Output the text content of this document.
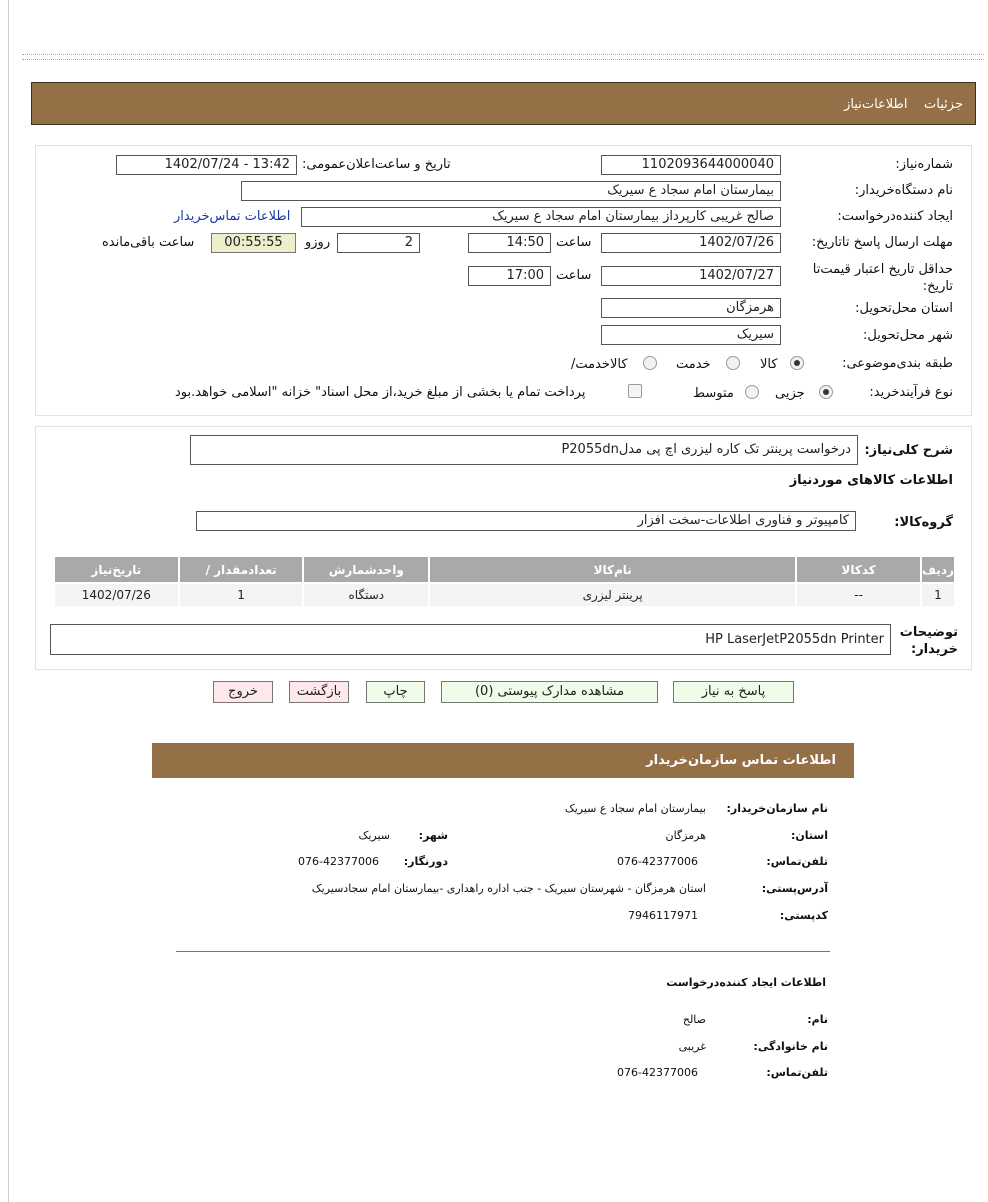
جزئیات    اطلاعات‌نیاز
شماره‌نیاز:
1102093644000040
تاریخ و ساعت‌اعلان‌عمومی:
1402/07/24 - 13:42
نام دستگاه‌خریدار:
بیمارستان امام سجاد ع سیریک
ایجاد کننده‌درخواست:
صالح غریبی کارپرداز بیمارستان امام سجاد ع سیریک
اطلاعات تماس‌خریدار
مهلت ارسال پاسخ تا‌تاریخ:
1402/07/26
ساعت
14:50
2
روزو
00:55:55
ساعت باقی‌مانده
حداقل تاریخ اعتبار قیمت‌تا تاریخ:
1402/07/27
ساعت
17:00
استان محل‌تحویل:
هرمزگان
شهر محل‌تحویل:
سیریک
طبقه بندی‌موضوعی:
کالا
خدمت
کالا‌خدمت/
نوع فرآیند‌خرید:
جزیی
متوسط
پرداخت تمام یا بخشی از مبلغ خرید،از محل اسناد" خزانه "اسلامی خواهد.بود
شرح کلی‌نیاز:
درخواست پرینتر تک کاره لیزری اچ پی مدلP2055dn
اطلاعات کالاهای مورد‌نیاز
گروه‌کالا:
کامپیوتر و فناوری اطلاعات-سخت افزار
ردیف	کدکالا	نام‌کالا	واحد‌شمارش	تعداد‌مقدار /	تاریخ‌نیاز
1	--	پرینتر لیزری	دستگاه	1	1402/07/26
توضیحات خریدار:
HP LaserJetP2055dn Printer
پاسخ به نیاز
مشاهده مدارک پیوستی (0)
چاپ
بازگشت
خروج
اطلاعات تماس سازمان‌خریدار
نام سازمان‌خریدار:
بیمارستان امام سجاد ع سیریک
استان:
هرمزگان
شهر:
سیریک
تلفن‌تماس:
076-42377006
دورنگار:
076-42377006
آدرس‌پستی:
استان هرمزگان - شهرستان سیریک - جنب اداره راهداری -بیمارستان امام سجادسیریک
کد‌پستی:
7946117971
اطلاعات ایجاد کننده‌درخواست
نام:
صالح
نام خانوادگی:
غریبی
تلفن‌تماس:
076-42377006
